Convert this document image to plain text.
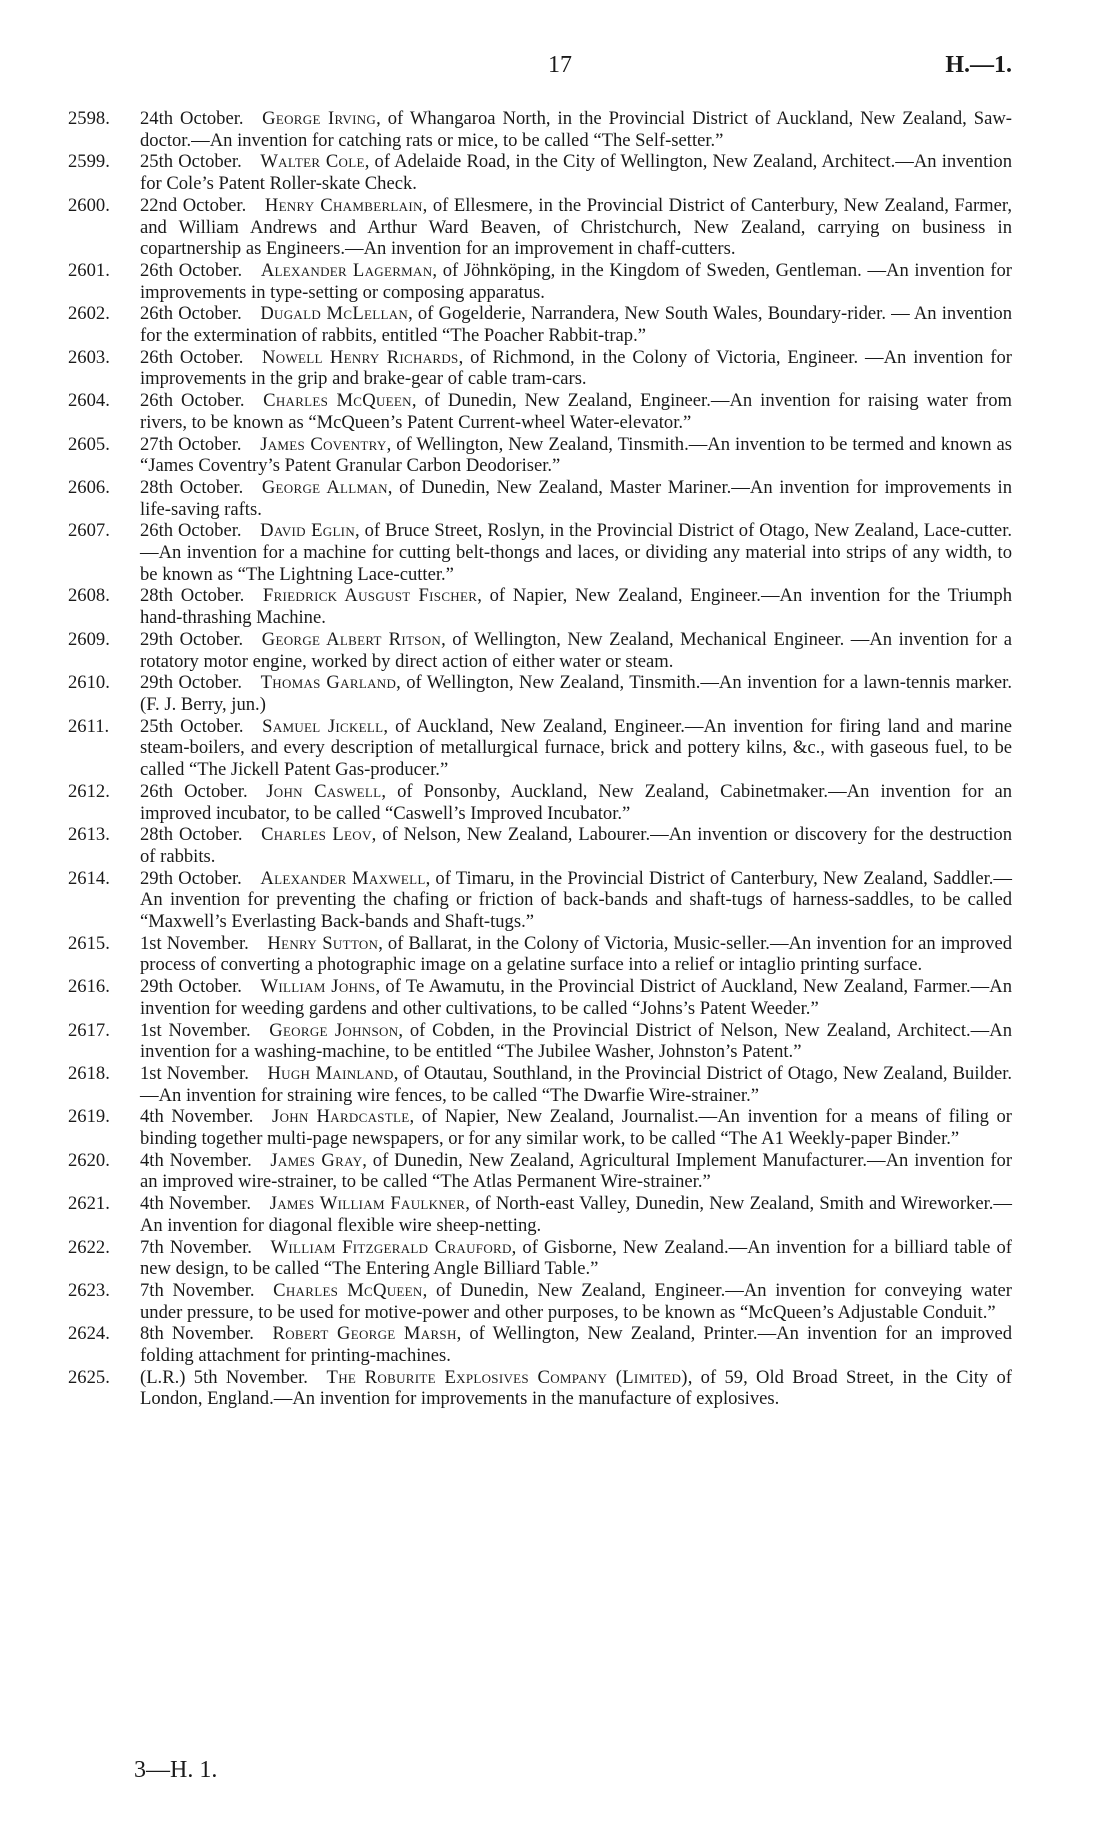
17	H.—1.

2598.	24th October.  George Irving, of Whangaroa North, in the Provincial District of Auckland, New Zealand, Saw-doctor.—An invention for catching rats or mice, to be called “The Self-setter.”

2599.	25th October.  Walter Cole, of Adelaide Road, in the City of Wellington, New Zealand, Architect.—An invention for Cole’s Patent Roller-skate Check.

2600.	22nd October.  Henry Chamberlain, of Ellesmere, in the Provincial District of Canterbury, New Zealand, Farmer, and William Andrews and Arthur Ward Beaven, of Christchurch, New Zealand, carrying on business in copartnership as Engineers.—An invention for an improvement in chaff-cutters.

2601.	26th October.  Alexander Lagerman, of Jöhnköping, in the Kingdom of Sweden, Gentleman. —An invention for improvements in type-setting or composing apparatus.

2602.	26th October.  Dugald McLellan, of Gogelderie, Narrandera, New South Wales, Boundary-rider. — An invention for the extermination of rabbits, entitled “The Poacher Rabbit-trap.”

2603.	26th October.  Nowell Henry Richards, of Richmond, in the Colony of Victoria, Engineer. —An invention for improvements in the grip and brake-gear of cable tram-cars.

2604.	26th October.  Charles McQueen, of Dunedin, New Zealand, Engineer.—An invention for raising water from rivers, to be known as “McQueen’s Patent Current-wheel Water-elevator.”

2605.	27th October.  James Coventry, of Wellington, New Zealand, Tinsmith.—An invention to be termed and known as “James Coventry’s Patent Granular Carbon Deodoriser.”

2606.	28th October.  George Allman, of Dunedin, New Zealand, Master Mariner.—An invention for improvements in life-saving rafts.

2607.	26th October.  David Eglin, of Bruce Street, Roslyn, in the Provincial District of Otago, New Zealand, Lace-cutter.—An invention for a machine for cutting belt-thongs and laces, or dividing any material into strips of any width, to be known as “The Lightning Lace-cutter.”

2608.	28th October.  Friedrick Ausgust Fischer, of Napier, New Zealand, Engineer.—An invention for the Triumph hand-thrashing Machine.

2609.	29th October.  George Albert Ritson, of Wellington, New Zealand, Mechanical Engineer. —An invention for a rotatory motor engine, worked by direct action of either water or steam.

2610.	29th October.  Thomas Garland, of Wellington, New Zealand, Tinsmith.—An invention for a lawn-tennis marker. (F. J. Berry, jun.)

2611.	25th October.  Samuel Jickell, of Auckland, New Zealand, Engineer.—An invention for firing land and marine steam-boilers, and every description of metallurgical furnace, brick and pottery kilns, &c., with gaseous fuel, to be called “The Jickell Patent Gas-producer.”

2612.	26th October.  John Caswell, of Ponsonby, Auckland, New Zealand, Cabinetmaker.—An invention for an improved incubator, to be called “Caswell’s Improved Incubator.”

2613.	28th October.  Charles Leov, of Nelson, New Zealand, Labourer.—An invention or discovery for the destruction of rabbits.

2614.	29th October.  Alexander Maxwell, of Timaru, in the Provincial District of Canterbury, New Zealand, Saddler.—An invention for preventing the chafing or friction of back-bands and shaft-tugs of harness-saddles, to be called “Maxwell’s Everlasting Back-bands and Shaft-tugs.”

2615.	1st November.  Henry Sutton, of Ballarat, in the Colony of Victoria, Music-seller.—An invention for an improved process of converting a photographic image on a gelatine surface into a relief or intaglio printing surface.

2616.	29th October.  William Johns, of Te Awamutu, in the Provincial District of Auckland, New Zealand, Farmer.—An invention for weeding gardens and other cultivations, to be called “Johns’s Patent Weeder.”

2617.	1st November.  George Johnson, of Cobden, in the Provincial District of Nelson, New Zealand, Architect.—An invention for a washing-machine, to be entitled “The Jubilee Washer, Johnston’s Patent.”

2618.	1st November.  Hugh Mainland, of Otautau, Southland, in the Provincial District of Otago, New Zealand, Builder.—An invention for straining wire fences, to be called “The Dwarfie Wire-strainer.”

2619.	4th November.  John Hardcastle, of Napier, New Zealand, Journalist.—An invention for a means of filing or binding together multi-page newspapers, or for any similar work, to be called “The A1 Weekly-paper Binder.”

2620.	4th November.  James Gray, of Dunedin, New Zealand, Agricultural Implement Manufacturer.—An invention for an improved wire-strainer, to be called “The Atlas Permanent Wire-strainer.”

2621.	4th November.  James William Faulkner, of North-east Valley, Dunedin, New Zealand, Smith and Wireworker.—An invention for diagonal flexible wire sheep-netting.

2622.	7th November.  William Fitzgerald Crauford, of Gisborne, New Zealand.—An invention for a billiard table of new design, to be called “The Entering Angle Billiard Table.”

2623.	7th November.  Charles McQueen, of Dunedin, New Zealand, Engineer.—An invention for conveying water under pressure, to be used for motive-power and other purposes, to be known as “McQueen’s Adjustable Conduit.”

2624.	8th November.  Robert George Marsh, of Wellington, New Zealand, Printer.—An invention for an improved folding attachment for printing-machines.

2625.	(L.R.) 5th November.  The Roburite Explosives Company (Limited), of 59, Old Broad Street, in the City of London, England.—An invention for improvements in the manufacture of explosives.

3—H. 1.
